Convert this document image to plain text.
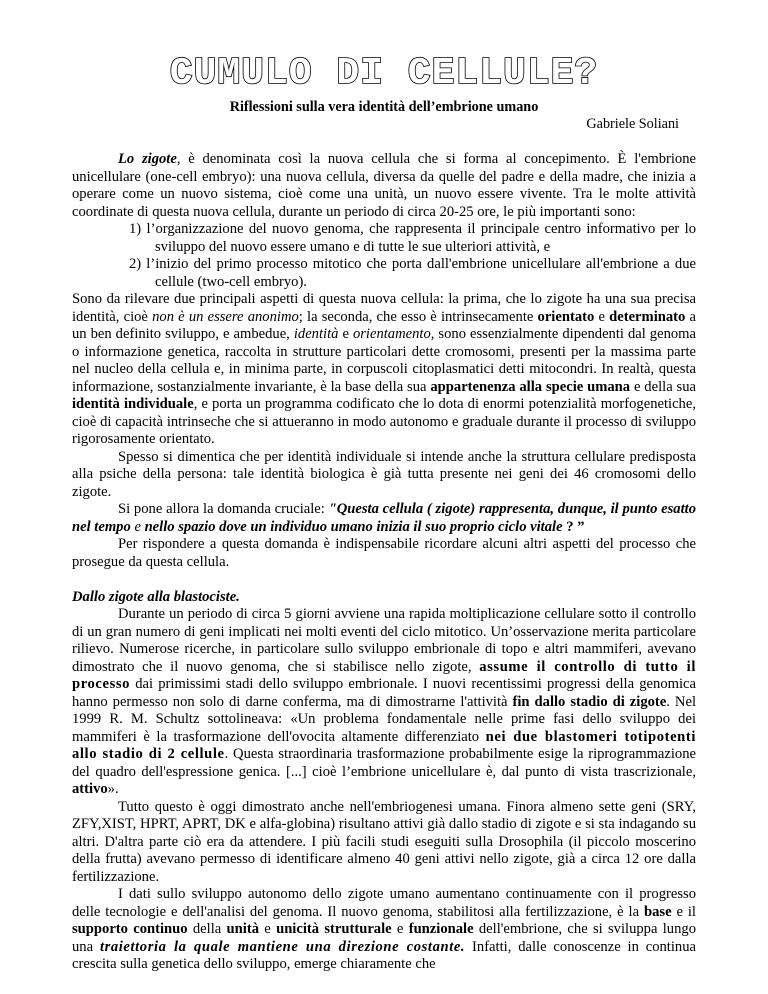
CUMULO DI CELLULE?
Riflessioni sulla vera identità dell’embrione umano
Gabriele Soliani

Lo zigote, è denominata così la nuova cellula che si forma al concepimento. È l'embrione unicellulare (one-cell embryo): una nuova cellula, diversa da quelle del padre e della madre, che inizia a operare come un nuovo sistema, cioè come una unità, un nuovo essere vivente. Tra le molte attività coordinate di questa nuova cellula, durante un periodo di circa 20-25 ore, le più importanti sono:

1) l’organizzazione del nuovo genoma, che rappresenta il principale centro informativo per lo sviluppo del nuovo essere umano e di tutte le sue ulteriori attività, e
2) l’inizio del primo processo mitotico che porta dall'embrione unicellulare all'embrione a due cellule (two-cell embryo).

Sono da rilevare due principali aspetti di questa nuova cellula: la prima, che lo zigote ha una sua precisa identità, cioè non è un essere anonimo; la seconda, che esso è intrinsecamente orientato e determinato a un ben definito sviluppo, e ambedue, identità e orientamento, sono essenzialmente dipendenti dal genoma o informazione genetica, raccolta in strutture particolari dette cromosomi, presenti per la massima parte nel nucleo della cellula e, in minima parte, in corpuscoli citoplasmatici detti mitocondri. In realtà, questa informazione, sostanzialmente invariante, è la base della sua appartenenza alla specie umana e della sua identità individuale, e porta un programma codificato che lo dota di enormi potenzialità morfogenetiche, cioè di capacità intrinseche che si attueranno in modo autonomo e graduale durante il processo di sviluppo rigorosamente orientato.

Spesso si dimentica che per identità individuale si intende anche la struttura cellulare predisposta alla psiche della persona: tale identità biologica è già tutta presente nei geni dei 46 cromosomi dello zigote.

Si pone allora la domanda cruciale: "Questa cellula ( zigote) rappresenta, dunque, il punto esatto nel tempo e nello spazio dove un individuo umano inizia il suo proprio ciclo vitale ? ”

Per rispondere a questa domanda è indispensabile ricordare alcuni altri aspetti del processo che prosegue da questa cellula.

Dallo zigote alla blastociste.

Durante un periodo di circa 5 giorni avviene una rapida moltiplicazione cellulare sotto il controllo di un gran numero di geni implicati nei molti eventi del ciclo mitotico. Un’osservazione merita particolare rilievo. Numerose ricerche, in particolare sullo sviluppo embrionale di topo e altri mammiferi, avevano dimostrato che il nuovo genoma, che si stabilisce nello zigote, assume il controllo di tutto il processo dai primissimi stadi dello sviluppo embrionale. I nuovi recentissimi progressi della genomica hanno permesso non solo di darne conferma, ma di dimostrarne l'attività fin dallo stadio di zigote. Nel 1999 R. M. Schultz sottolineava: «Un problema fondamentale nelle prime fasi dello sviluppo dei mammiferi è la trasformazione dell'ovocita altamente differenziato nei due blastomeri totipotenti allo stadio di 2 cellule. Questa straordinaria trasformazione probabilmente esige la riprogrammazione del quadro dell'espressione genica. [...] cioè l’embrione unicellulare è, dal punto di vista trascrizionale, attivo».

Tutto questo è oggi dimostrato anche nell'embriogenesi umana. Finora almeno sette geni (SRY, ZFY,XIST, HPRT, APRT, DK e alfa-globina) risultano attivi già dallo stadio di zigote e si sta indagando su altri. D'altra parte ciò era da attendere. I più facili studi eseguiti sulla Drosophila (il piccolo moscerino della frutta) avevano permesso di identificare almeno 40 geni attivi nello zigote, già a circa 12 ore dalla fertilizzazione.

I dati sullo sviluppo autonomo dello zigote umano aumentano continuamente con il progresso delle tecnologie e dell'analisi del genoma. Il nuovo genoma, stabilitosi alla fertilizzazione, è la base e il supporto continuo della unità e unicità strutturale e funzionale dell'embrione, che si sviluppa lungo una traiettoria la quale mantiene una direzione costante. Infatti, dalle conoscenze in continua crescita sulla genetica dello sviluppo, emerge chiaramente che
